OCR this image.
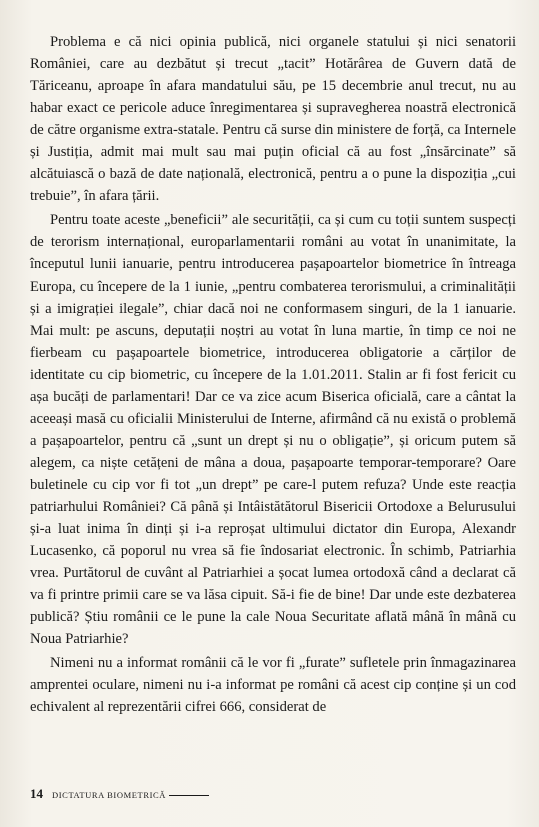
Problema e că nici opinia publică, nici organele statului și nici senatorii României, care au dezbătut și trecut „tacit” Hotărârea de Guvern dată de Tăriceanu, aproape în afara mandatului său, pe 15 decembrie anul trecut, nu au habar exact ce pericole aduce înregimentarea și supravegherea noastră electronică de către organisme extra-statale. Pentru că surse din ministere de forță, ca Internele și Justiția, admit mai mult sau mai puțin oficial că au fost „însărcinate” să alcătuiască o bază de date națională, electronică, pentru a o pune la dispoziția „cui trebuie”, în afara țării.

Pentru toate aceste „beneficii” ale securității, ca și cum cu toții suntem suspecți de terorism internațional, europarlamentarii români au votat în unanimitate, la începutul lunii ianuarie, pentru introducerea pașapoartelor biometrice în întreaga Europa, cu începere de la 1 iunie, „pentru combaterea terorismului, a criminalității și a imigrației ilegale”, chiar dacă noi ne conformasem singuri, de la 1 ianuarie. Mai mult: pe ascuns, deputații noștri au votat în luna martie, în timp ce noi ne fierbeam cu pașapoartele biometrice, introducerea obligatorie a cărților de identitate cu cip biometric, cu începere de la 1.01.2011. Stalin ar fi fost fericit cu așa bucăți de parlamentari! Dar ce va zice acum Biserica oficială, care a cântat la aceeași masă cu oficialii Ministerului de Interne, afirmând că nu există o problemă a pașapoartelor, pentru că „sunt un drept și nu o obligație”, și oricum putem să alegem, ca niște cetățeni de mâna a doua, pașapoarte temporar-temporare? Oare buletinele cu cip vor fi tot „un drept” pe care-l putem refuza? Unde este reacția patriarhului României? Că până și Intâistătătorul Bisericii Ortodoxe a Belurusului și-a luat inima în dinți și i-a reproșat ultimului dictator din Europa, Alexandr Lucasenko, că poporul nu vrea să fie îndosariat electronic. În schimb, Patriarhia vrea. Purtătorul de cuvânt al Patriarhiei a șocat lumea ortodoxă când a declarat că va fi printre primii care se va lăsa cipuit. Să-i fie de bine! Dar unde este dezbaterea publică? Știu românii ce le pune la cale Noua Securitate aflată mână în mână cu Noua Patriarhie?

Nimeni nu a informat românii că le vor fi „furate” sufletele prin înmagazinarea amprentei oculare, nimeni nu i-a informat pe români că acest cip conține și un cod echivalent al reprezentării cifrei 666, considerat de

14 DICTATURA BIOMETRICĂ
